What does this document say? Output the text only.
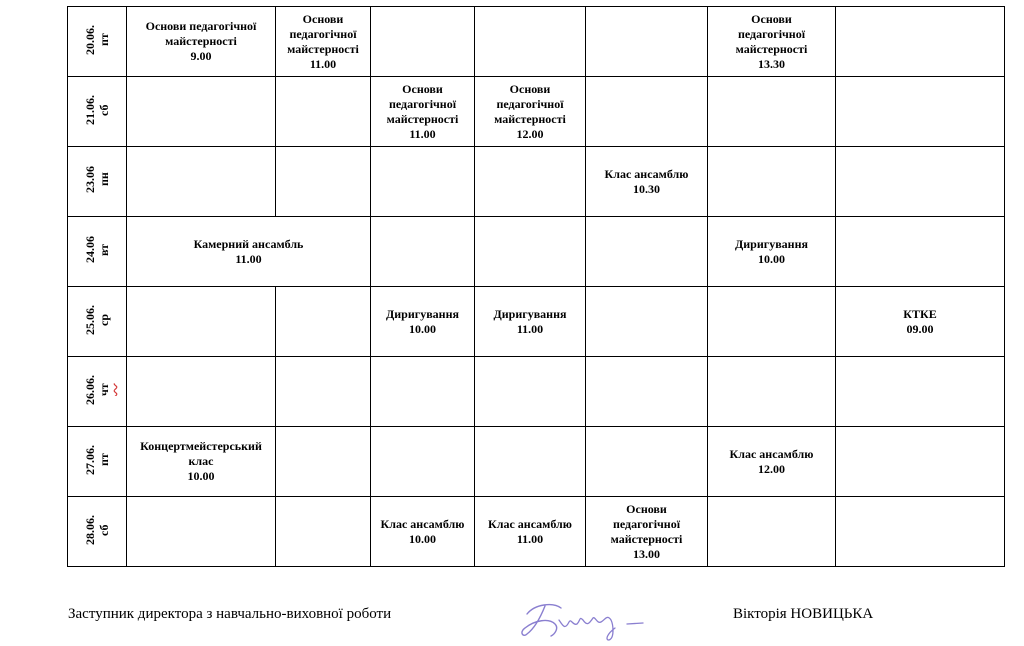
20.06. пт	Основи педагогічної
майстерності
9.00	Основи педагогічної
майстерності
11.00				Основи
педагогічної
майстерності
13.30	

21.06. сб			Основи
педагогічної
майстерності
11.00	Основи
педагогічної
майстерності
12.00			

23.06 пн					Клас ансамблю
10.30		

24.06 вт	Камерний ансамбль
11.00					Диригування
10.00	

25.06. ср			Диригування
10.00	Диригування
11.00			КТКЕ
09.00

26.06. чт							

27.06. пт	Концертмейстерський
клас
10.00					Клас ансамблю
12.00	

28.06. сб			Клас ансамблю
10.00	Клас ансамблю
11.00	Основи
педагогічної
майстерності
13.00		

Заступник директора з навчально-виховної роботи	Вікторія НОВИЦЬКА
